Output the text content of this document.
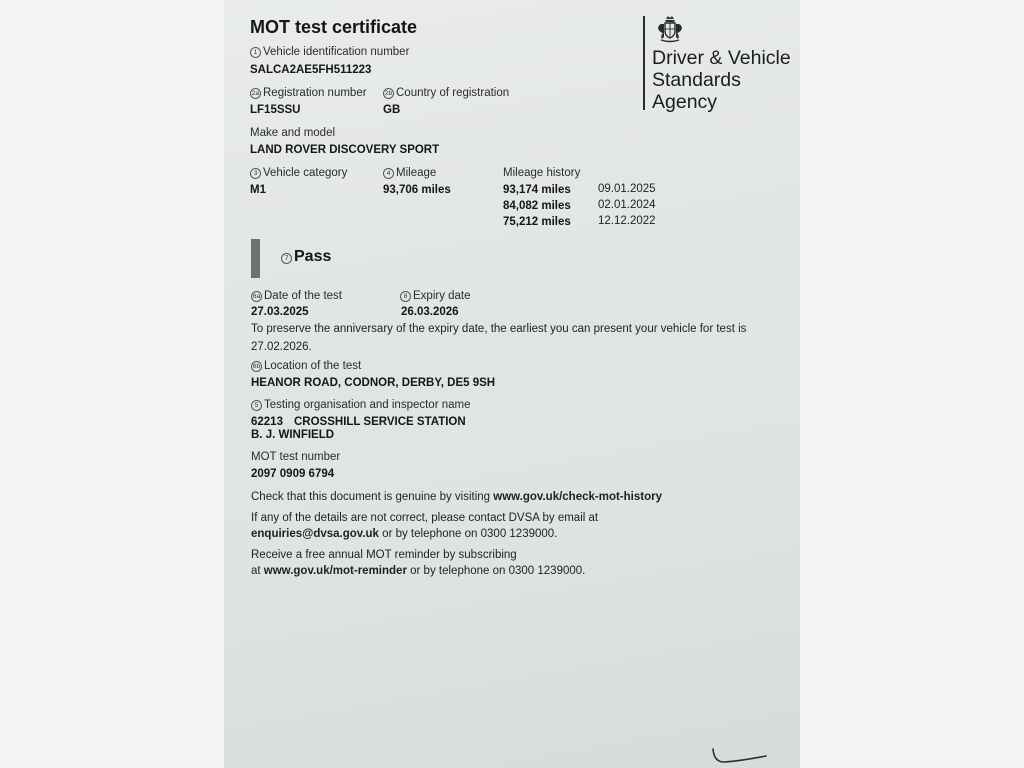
MOT test certificate
Driver & Vehicle
Standards
Agency
1 Vehicle identification number
SALCA2AE5FH511223
2a Registration number
LF15SSU
2b Country of registration
GB
Make and model
LAND ROVER DISCOVERY SPORT
3 Vehicle category
M1
4 Mileage
93,706 miles
Mileage history
93,174 miles 09.01.2025
84,082 miles 02.01.2024
75,212 miles 12.12.2022
7 Pass
6a Date of the test
27.03.2025
8 Expiry date
26.03.2026
To preserve the anniversary of the expiry date, the earliest you can present your vehicle for test is
27.02.2026.
6b Location of the test
HEANOR ROAD, CODNOR, DERBY, DE5 9SH
5 Testing organisation and inspector name
62213 CROSSHILL SERVICE STATION
B. J. WINFIELD
MOT test number
2097 0909 6794
Check that this document is genuine by visiting www.gov.uk/check-mot-history
If any of the details are not correct, please contact DVSA by email at
enquiries@dvsa.gov.uk or by telephone on 0300 1239000.
Receive a free annual MOT reminder by subscribing
at www.gov.uk/mot-reminder or by telephone on 0300 1239000.
